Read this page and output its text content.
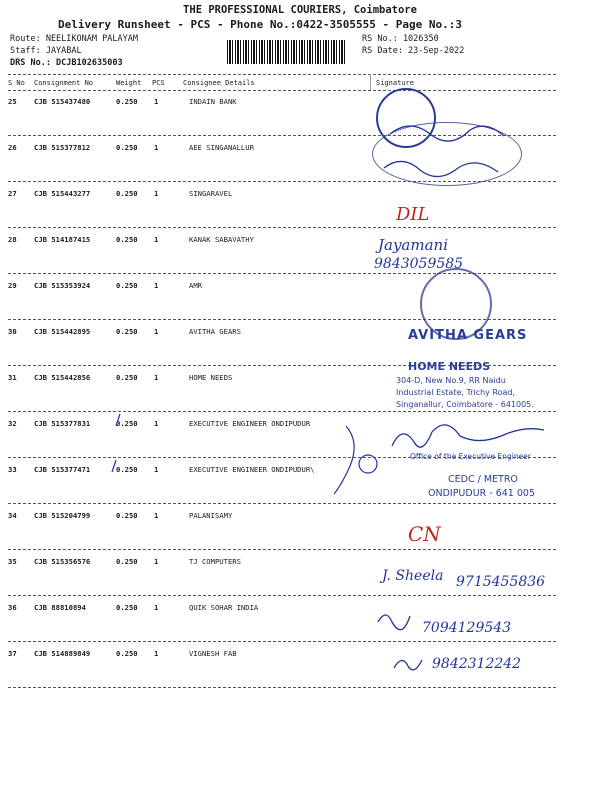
THE PROFESSIONAL COURIERS, Coimbatore
Delivery Runsheet - PCS - Phone No.:0422-3505555 - Page No.:3
Route: NEELIKONAM PALAYAM
Staff: JAYABAL
DRS No.: DCJB102635003
RS No.: 1026350
RS Date: 23-Sep-2022
S No Consignment No	Weight PCS	Consignee Details	Signature
25 CJB 515437480	0.250 1	INDAIN BANK
26 CJB 515377812	0.250 1	AEE SINGANALLUR
27 CJB 515443277	0.250 1	SINGARAVEL
28 CJB 514187415	0.250 1	KANAK SABAVATHY
29 CJB 515353924	0.250 1	AMR
30 CJB 515442895	0.250 1	AVITHA GEARS
31 CJB 515442856	0.250 1	HOME NEEDS
32 CJB 515377831	0.250 1	EXECUTIVE ENGINEER ONDIPUDUR
33 CJB 515377471	0.250 1	EXECUTIVE ENGINEER ONDIPUDUR\
34 CJB 515204799	0.250 1	PALANISAMY
35 CJB 515356576	0.250 1	TJ COMPUTERS
36 CJB 88810894	0.250 1	QUIK SOHAR INDIA
37 CJB 514889849	0.250 1	VIGNESH FAB
DIL
Jayamani
9843059585
AVITHA GEARS
HOME NEEDS
304-D, New No.9, RR Naidu
Industrial Estate, Trichy Road,
Singanallur, Coimbatore - 641005.
Office of the Executive Engineer
CEDC / METRO
ONDIPUDUR - 641 005
CN
J. Sheela 9715455836
7094129543
9842312242
